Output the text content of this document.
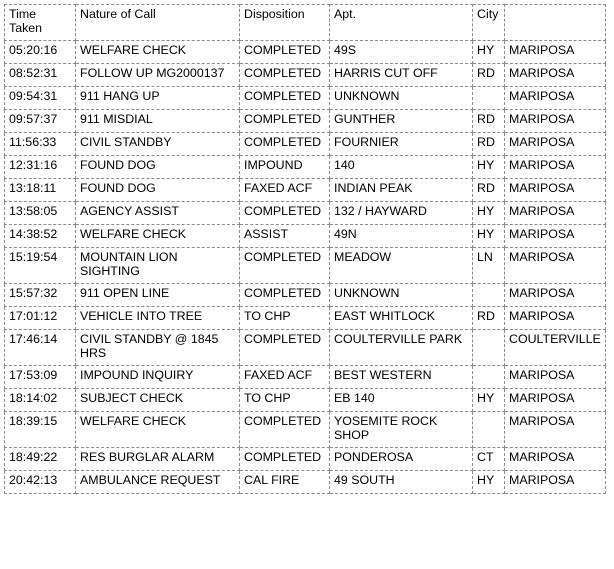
Time Taken	Nature of Call	Disposition	Apt.	City	
05:20:16	WELFARE CHECK	COMPLETED	49S	HY	MARIPOSA
08:52:31	FOLLOW UP MG2000137	COMPLETED	HARRIS CUT OFF	RD	MARIPOSA
09:54:31	911 HANG UP	COMPLETED	UNKNOWN		MARIPOSA
09:57:37	911 MISDIAL	COMPLETED	GUNTHER	RD	MARIPOSA
11:56:33	CIVIL STANDBY	COMPLETED	FOURNIER	RD	MARIPOSA
12:31:16	FOUND DOG	IMPOUND	140	HY	MARIPOSA
13:18:11	FOUND DOG	FAXED ACF	INDIAN PEAK	RD	MARIPOSA
13:58:05	AGENCY ASSIST	COMPLETED	132 / HAYWARD	HY	MARIPOSA
14:38:52	WELFARE CHECK	ASSIST	49N	HY	MARIPOSA
15:19:54	MOUNTAIN LION SIGHTING	COMPLETED	MEADOW	LN	MARIPOSA
15:57:32	911 OPEN LINE	COMPLETED	UNKNOWN		MARIPOSA
17:01:12	VEHICLE INTO TREE	TO CHP	EAST WHITLOCK	RD	MARIPOSA
17:46:14	CIVIL STANDBY @ 1845 HRS	COMPLETED	COULTERVILLE PARK		COULTERVILLE
17:53:09	IMPOUND INQUIRY	FAXED ACF	BEST WESTERN		MARIPOSA
18:14:02	SUBJECT CHECK	TO CHP	EB 140	HY	MARIPOSA
18:39:15	WELFARE CHECK	COMPLETED	YOSEMITE ROCK SHOP		MARIPOSA
18:49:22	RES BURGLAR ALARM	COMPLETED	PONDEROSA	CT	MARIPOSA
20:42:13	AMBULANCE REQUEST	CAL FIRE	49 SOUTH	HY	MARIPOSA
